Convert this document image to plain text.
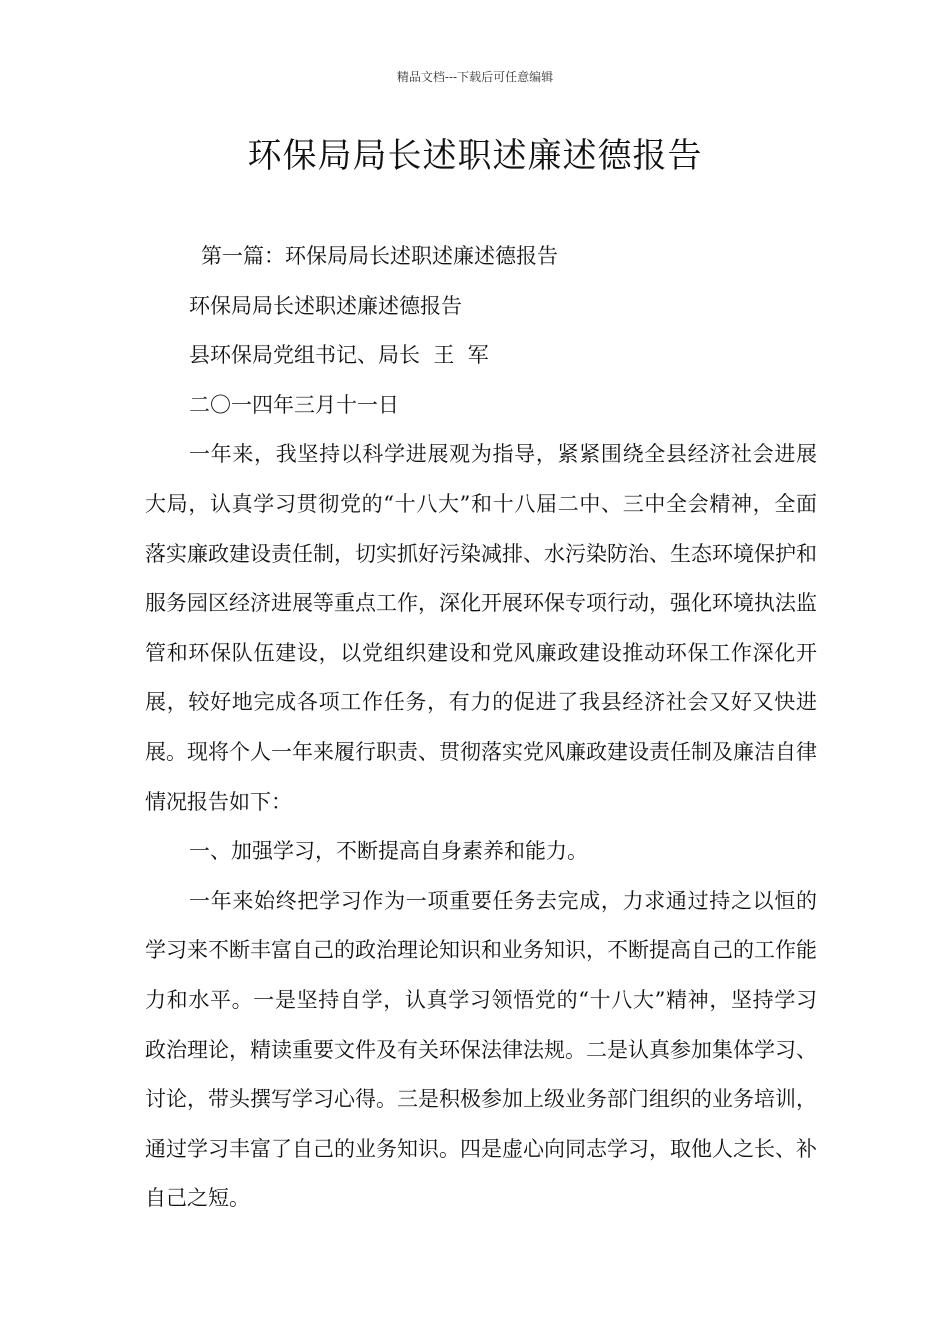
精品文档---下载后可任意编辑
环保局局长述职述廉述德报告

第一篇：环保局局长述职述廉述德报告

环保局局长述职述廉述德报告

县环保局党组书记、局长  王  军

二〇一四年三月十一日

一年来，我坚持以科学进展观为指导，紧紧围绕全县经济社会进展大局，认真学习贯彻党的“十八大”和十八届二中、三中全会精神，全面落实廉政建设责任制，切实抓好污染减排、水污染防治、生态环境保护和服务园区经济进展等重点工作，深化开展环保专项行动，强化环境执法监管和环保队伍建设，以党组织建设和党风廉政建设推动环保工作深化开展，较好地完成各项工作任务，有力的促进了我县经济社会又好又快进展。现将个人一年来履行职责、贯彻落实党风廉政建设责任制及廉洁自律情况报告如下：

一、加强学习，不断提高自身素养和能力。

一年来始终把学习作为一项重要任务去完成，力求通过持之以恒的学习来不断丰富自己的政治理论知识和业务知识，不断提高自己的工作能力和水平。一是坚持自学，认真学习领悟党的“十八大”精神，坚持学习政治理论，精读重要文件及有关环保法律法规。二是认真参加集体学习、讨论，带头撰写学习心得。三是积极参加上级业务部门组织的业务培训，通过学习丰富了自己的业务知识。四是虚心向同志学习，取他人之长、补自己之短。
